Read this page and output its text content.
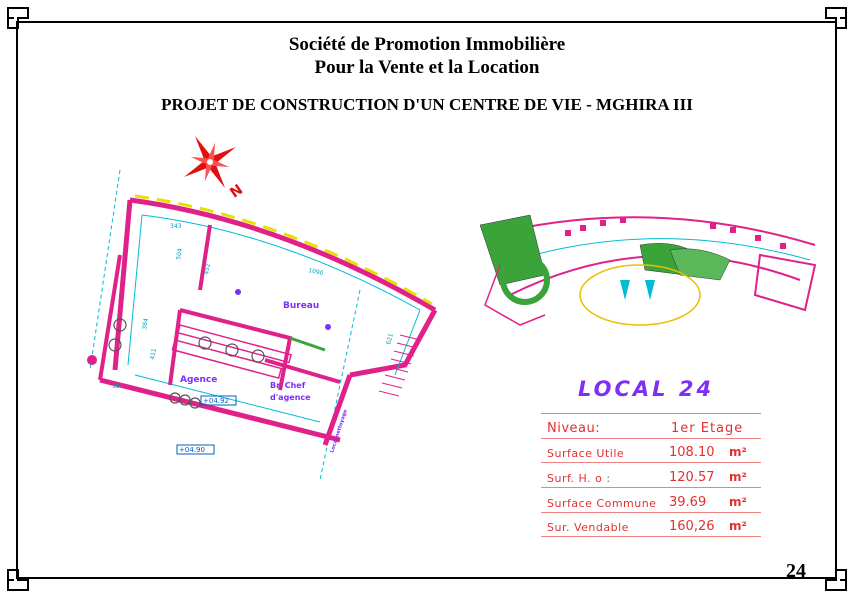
Société de Promotion Immobilière
Pour la Vente et la Location
PROJET DE CONSTRUCTION D'UN CENTRE DE VIE - MGHIRA III
N
343
1090
504
452
384
411
621
181
Bureau
Agence
Br. Chef
d'agence
Local nettoyage
+04.92
+04.90
LOCAL 24
Niveau:	1er Etage
Surface Utile	108.10 m²
Surf. H. o :	120.57 m²
Surface Commune 39.69 m²
Sur. Vendable	160,26 m²
24
